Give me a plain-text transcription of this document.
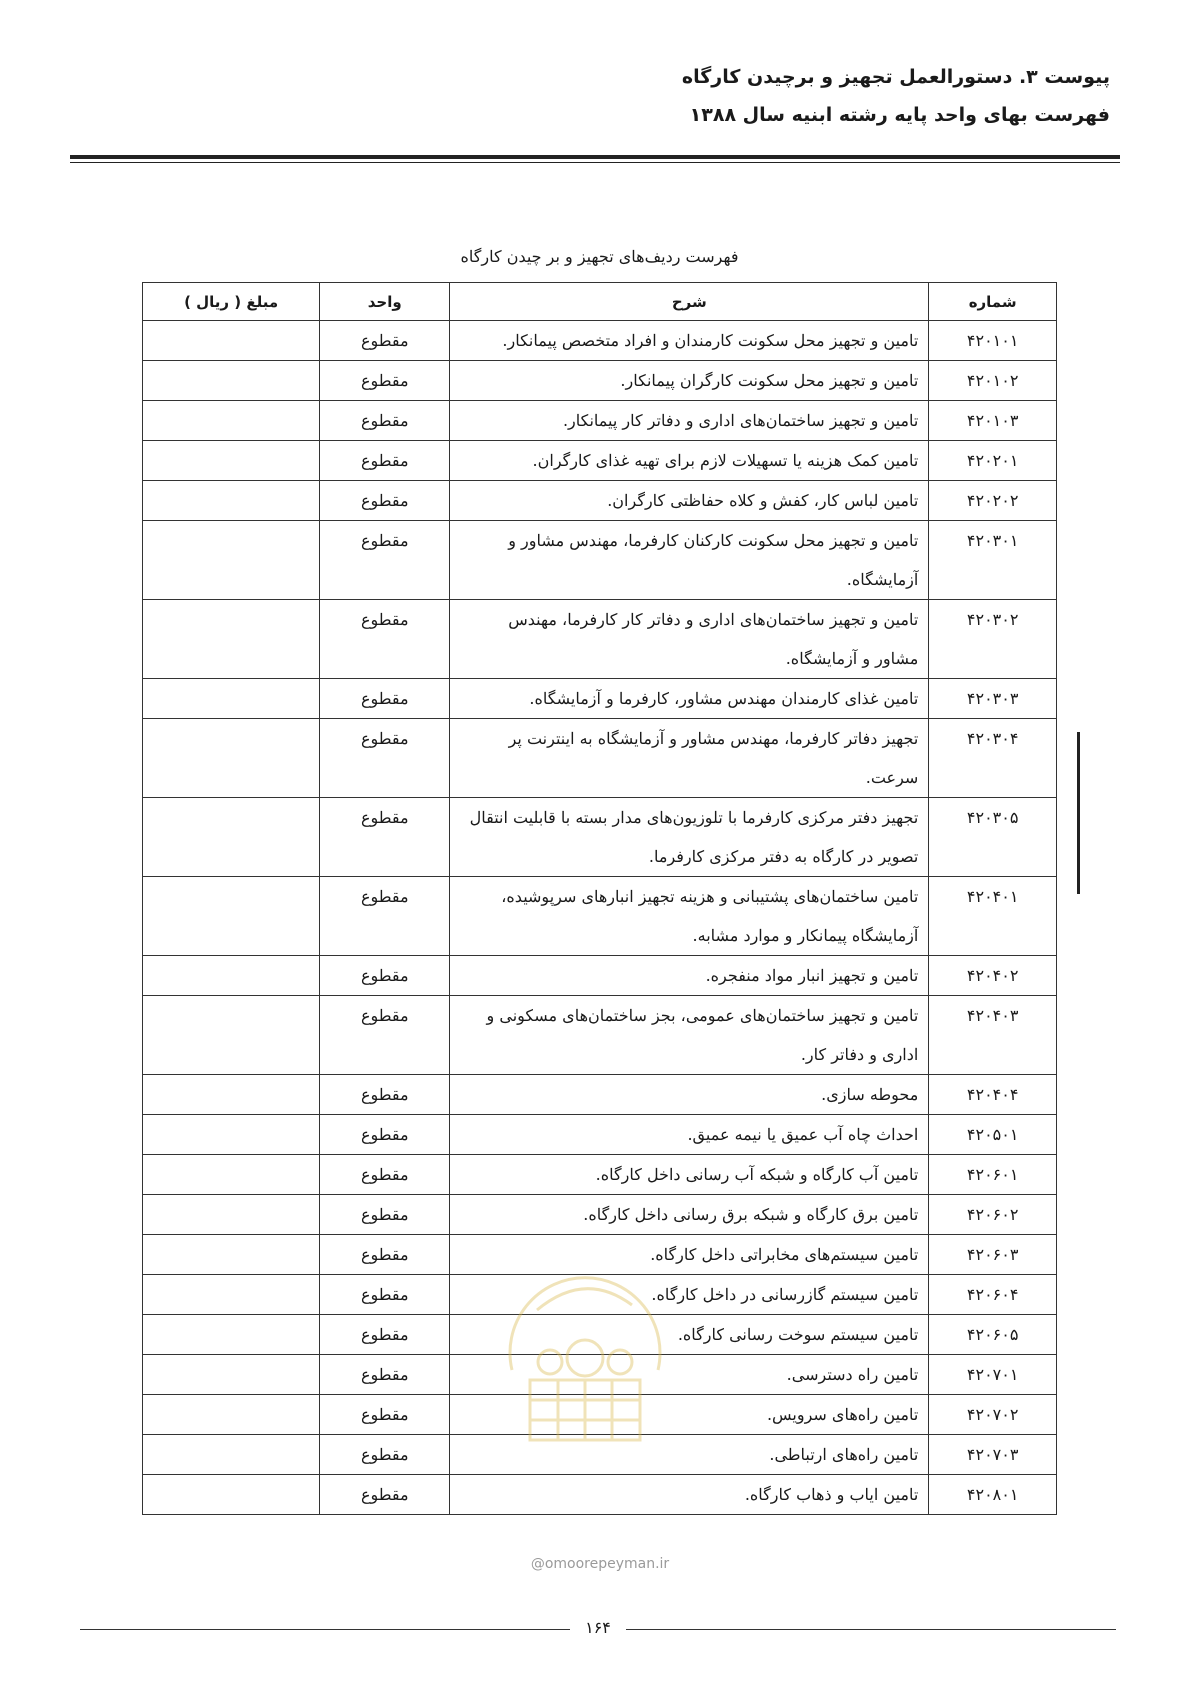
پیوست ۳. دستورالعمل تجهیز و برچیدن کارگاه
فهرست بهای واحد پایه رشته ابنیه سال ۱۳۸۸
فهرست ردیف‌های تجهیز و بر چیدن کارگاه
شماره	شرح	واحد	مبلغ ( ریال )
۴۲۰۱۰۱	تامین و تجهیز محل سکونت کارمندان و افراد متخصص پیمانکار.	مقطوع	
۴۲۰۱۰۲	تامین و تجهیز محل سکونت کارگران پیمانکار.	مقطوع	
۴۲۰۱۰۳	تامین و تجهیز ساختمان‌های اداری و دفاتر کار پیمانکار.	مقطوع	
۴۲۰۲۰۱	تامین کمک هزینه یا تسهیلات لازم برای تهیه غذای کارگران.	مقطوع	
۴۲۰۲۰۲	تامین لباس کار، کفش و کلاه حفاظتی کارگران.	مقطوع	
۴۲۰۳۰۱	تامین و تجهیز محل سکونت کارکنان کارفرما، مهندس مشاور و آزمایشگاه.	مقطوع	
۴۲۰۳۰۲	تامین و تجهیز ساختمان‌های اداری و دفاتر کار کارفرما، مهندس مشاور و آزمایشگاه.	مقطوع	
۴۲۰۳۰۳	تامین غذای کارمندان مهندس مشاور، کارفرما و آزمایشگاه.	مقطوع	
۴۲۰۳۰۴	تجهیز دفاتر کارفرما، مهندس مشاور و آزمایشگاه به اینترنت پر سرعت.	مقطوع	
۴۲۰۳۰۵	تجهیز دفتر مرکزی کارفرما با تلوزیون‌های مدار بسته با قابلیت انتقال تصویر در کارگاه به دفتر مرکزی کارفرما.	مقطوع	
۴۲۰۴۰۱	تامین ساختمان‌های پشتیبانی و هزینه تجهیز انبارهای سرپوشیده، آزمایشگاه پیمانکار و موارد مشابه.	مقطوع	
۴۲۰۴۰۲	تامین و تجهیز انبار مواد منفجره.	مقطوع	
۴۲۰۴۰۳	تامین و تجهیز ساختمان‌های عمومی، بجز ساختمان‌های مسکونی و اداری و دفاتر کار.	مقطوع	
۴۲۰۴۰۴	محوطه سازی.	مقطوع	
۴۲۰۵۰۱	احداث چاه آب عمیق یا نیمه عمیق.	مقطوع	
۴۲۰۶۰۱	تامین آب کارگاه و شبکه آب رسانی داخل کارگاه.	مقطوع	
۴۲۰۶۰۲	تامین برق کارگاه و شبکه برق رسانی داخل کارگاه.	مقطوع	
۴۲۰۶۰۳	تامین سیستم‌های مخابراتی داخل کارگاه.	مقطوع	
۴۲۰۶۰۴	تامین سیستم گازرسانی در داخل کارگاه.	مقطوع	
۴۲۰۶۰۵	تامین سیستم سوخت رسانی کارگاه.	مقطوع	
۴۲۰۷۰۱	تامین راه دسترسی.	مقطوع	
۴۲۰۷۰۲	تامین راه‌های سرویس.	مقطوع	
۴۲۰۷۰۳	تامین راه‌های ارتباطی.	مقطوع	
۴۲۰۸۰۱	تامین ایاب و ذهاب کارگاه.	مقطوع	
@omoorepeyman.ir
۱۶۴
